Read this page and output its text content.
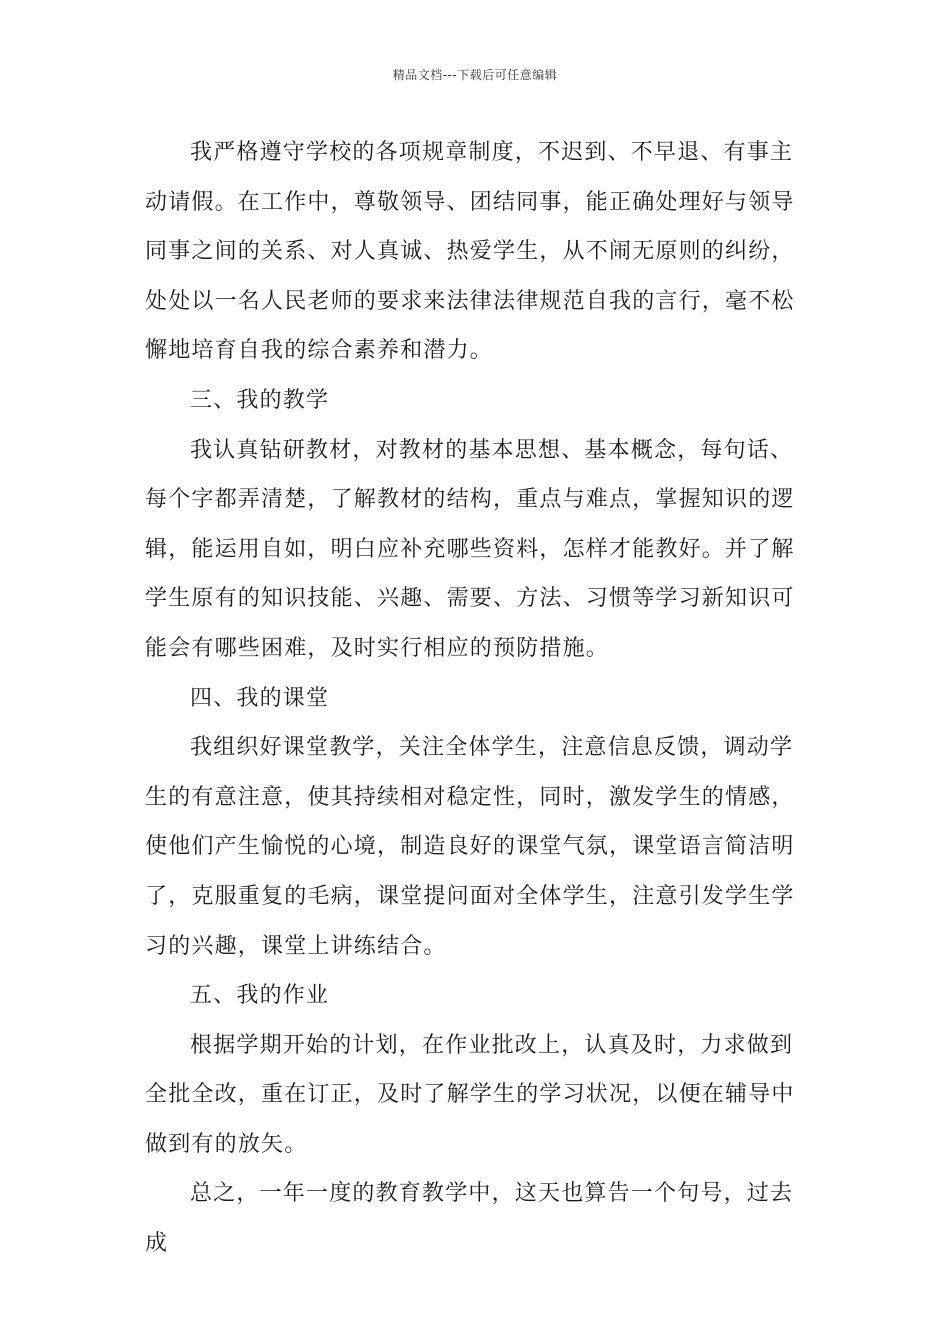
精品文档---下载后可任意编辑

我严格遵守学校的各项规章制度，不迟到、不早退、有事主动请假。在工作中，尊敬领导、团结同事，能正确处理好与领导同事之间的关系、对人真诚、热爱学生，从不闹无原则的纠纷，处处以一名人民老师的要求来法律法律规范自我的言行，毫不松懈地培育自我的综合素养和潜力。

三、我的教学

我认真钻研教材，对教材的基本思想、基本概念，每句话、每个字都弄清楚，了解教材的结构，重点与难点，掌握知识的逻辑，能运用自如，明白应补充哪些资料，怎样才能教好。并了解学生原有的知识技能、兴趣、需要、方法、习惯等学习新知识可能会有哪些困难，及时实行相应的预防措施。

四、我的课堂

我组织好课堂教学，关注全体学生，注意信息反馈，调动学生的有意注意，使其持续相对稳定性，同时，激发学生的情感，使他们产生愉悦的心境，制造良好的课堂气氛，课堂语言简洁明了，克服重复的毛病，课堂提问面对全体学生，注意引发学生学习的兴趣，课堂上讲练结合。

五、我的作业

根据学期开始的计划，在作业批改上，认真及时，力求做到全批全改，重在订正，及时了解学生的学习状况，以便在辅导中做到有的放矢。

总之，一年一度的教育教学中，这天也算告一个句号，过去成
